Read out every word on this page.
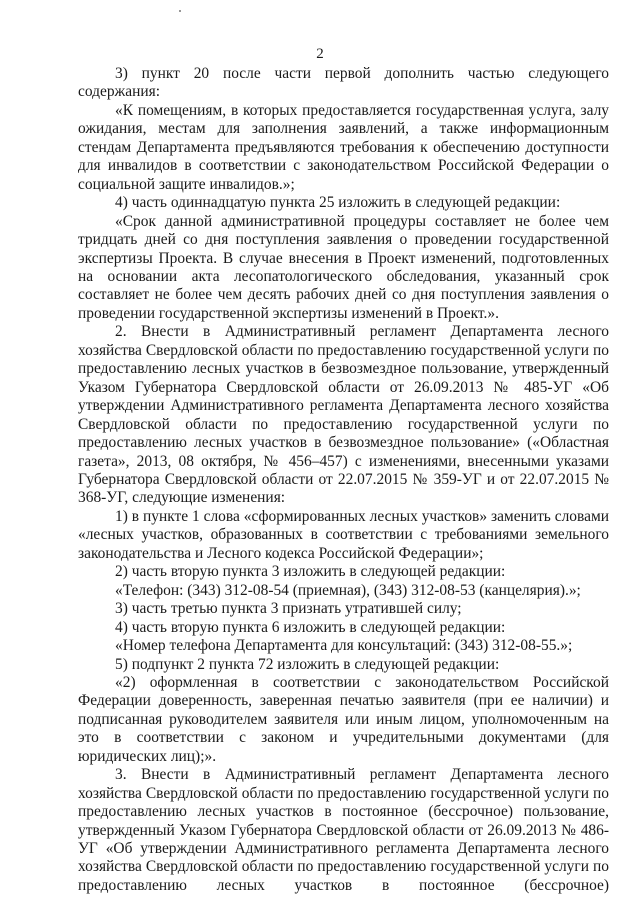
2

3) пункт 20 после части первой дополнить частью следующего содержания:

«К помещениям, в которых предоставляется государственная услуга, залу ожидания, местам для заполнения заявлений, а также информационным стендам Департамента предъявляются требования к обеспечению доступности для инвалидов в соответствии с законодательством Российской Федерации о социальной защите инвалидов.»;

4) часть одиннадцатую пункта 25 изложить в следующей редакции:

«Срок данной административной процедуры составляет не более чем тридцать дней со дня поступления заявления о проведении государственной экспертизы Проекта. В случае внесения в Проект изменений, подготовленных на основании акта лесопатологического обследования, указанный срок составляет не более чем десять рабочих дней со дня поступления заявления о проведении государственной экспертизы изменений в Проект.».

2. Внести в Административный регламент Департамента лесного хозяйства Свердловской области по предоставлению государственной услуги по предоставлению лесных участков в безвозмездное пользование, утвержденный Указом Губернатора Свердловской области от 26.09.2013 № 485-УГ «Об утверждении Административного регламента Департамента лесного хозяйства Свердловской области по предоставлению государственной услуги по предоставлению лесных участков в безвозмездное пользование» («Областная газета», 2013, 08 октября, № 456–457) с изменениями, внесенными указами Губернатора Свердловской области от 22.07.2015 № 359-УГ и от 22.07.2015 № 368-УГ, следующие изменения:

1) в пункте 1 слова «сформированных лесных участков» заменить словами «лесных участков, образованных в соответствии с требованиями земельного законодательства и Лесного кодекса Российской Федерации»;

2) часть вторую пункта 3 изложить в следующей редакции:

«Телефон: (343) 312-08-54 (приемная), (343) 312-08-53 (канцелярия).»;

3) часть третью пункта 3 признать утратившей силу;

4) часть вторую пункта 6 изложить в следующей редакции:

«Номер телефона Департамента для консультаций: (343) 312-08-55.»;

5) подпункт 2 пункта 72 изложить в следующей редакции:

«2) оформленная в соответствии с законодательством Российской Федерации доверенность, заверенная печатью заявителя (при ее наличии) и подписанная руководителем заявителя или иным лицом, уполномоченным на это в соответствии с законом и учредительными документами (для юридических лиц);».

3. Внести в Административный регламент Департамента лесного хозяйства Свердловской области по предоставлению государственной услуги по предоставлению лесных участков в постоянное (бессрочное) пользование, утвержденный Указом Губернатора Свердловской области от 26.09.2013 № 486-УГ «Об утверждении Административного регламента Департамента лесного хозяйства Свердловской области по предоставлению государственной услуги по предоставлению лесных участков в постоянное (бессрочное)
